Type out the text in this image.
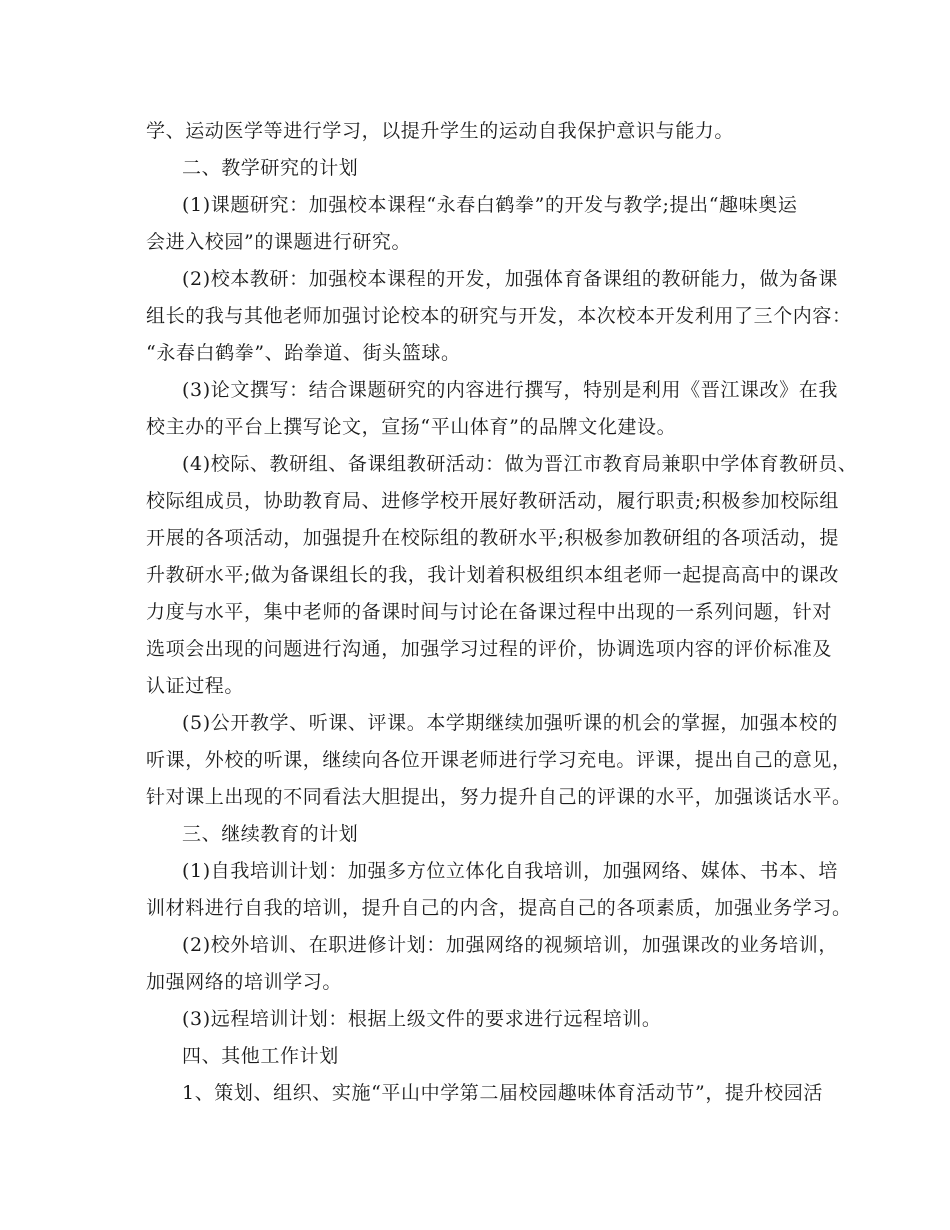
学、运动医学等进行学习，以提升学生的运动自我保护意识与能力。
二、教学研究的计划
(1)课题研究：加强校本课程“永春白鹤拳”的开发与教学;提出“趣味奥运
会进入校园”的课题进行研究。
(2)校本教研：加强校本课程的开发，加强体育备课组的教研能力，做为备课
组长的我与其他老师加强讨论校本的研究与开发，本次校本开发利用了三个内容：
“永春白鹤拳”、跆拳道、街头篮球。
(3)论文撰写：结合课题研究的内容进行撰写，特别是利用《晋江课改》在我
校主办的平台上撰写论文，宣扬“平山体育”的品牌文化建设。
(4)校际、教研组、备课组教研活动：做为晋江市教育局兼职中学体育教研员、
校际组成员，协助教育局、进修学校开展好教研活动，履行职责;积极参加校际组
开展的各项活动，加强提升在校际组的教研水平;积极参加教研组的各项活动，提
升教研水平;做为备课组长的我，我计划着积极组织本组老师一起提高高中的课改
力度与水平，集中老师的备课时间与讨论在备课过程中出现的一系列问题，针对
选项会出现的问题进行沟通，加强学习过程的评价，协调选项内容的评价标准及
认证过程。
(5)公开教学、听课、评课。本学期继续加强听课的机会的掌握，加强本校的
听课，外校的听课，继续向各位开课老师进行学习充电。评课，提出自己的意见，
针对课上出现的不同看法大胆提出，努力提升自己的评课的水平，加强谈话水平。
三、继续教育的计划
(1)自我培训计划：加强多方位立体化自我培训，加强网络、媒体、书本、培
训材料进行自我的培训，提升自己的内含，提高自己的各项素质，加强业务学习。
(2)校外培训、在职进修计划：加强网络的视频培训，加强课改的业务培训，
加强网络的培训学习。
(3)远程培训计划：根据上级文件的要求进行远程培训。
四、其他工作计划
1、策划、组织、实施“平山中学第二届校园趣味体育活动节”，提升校园活
